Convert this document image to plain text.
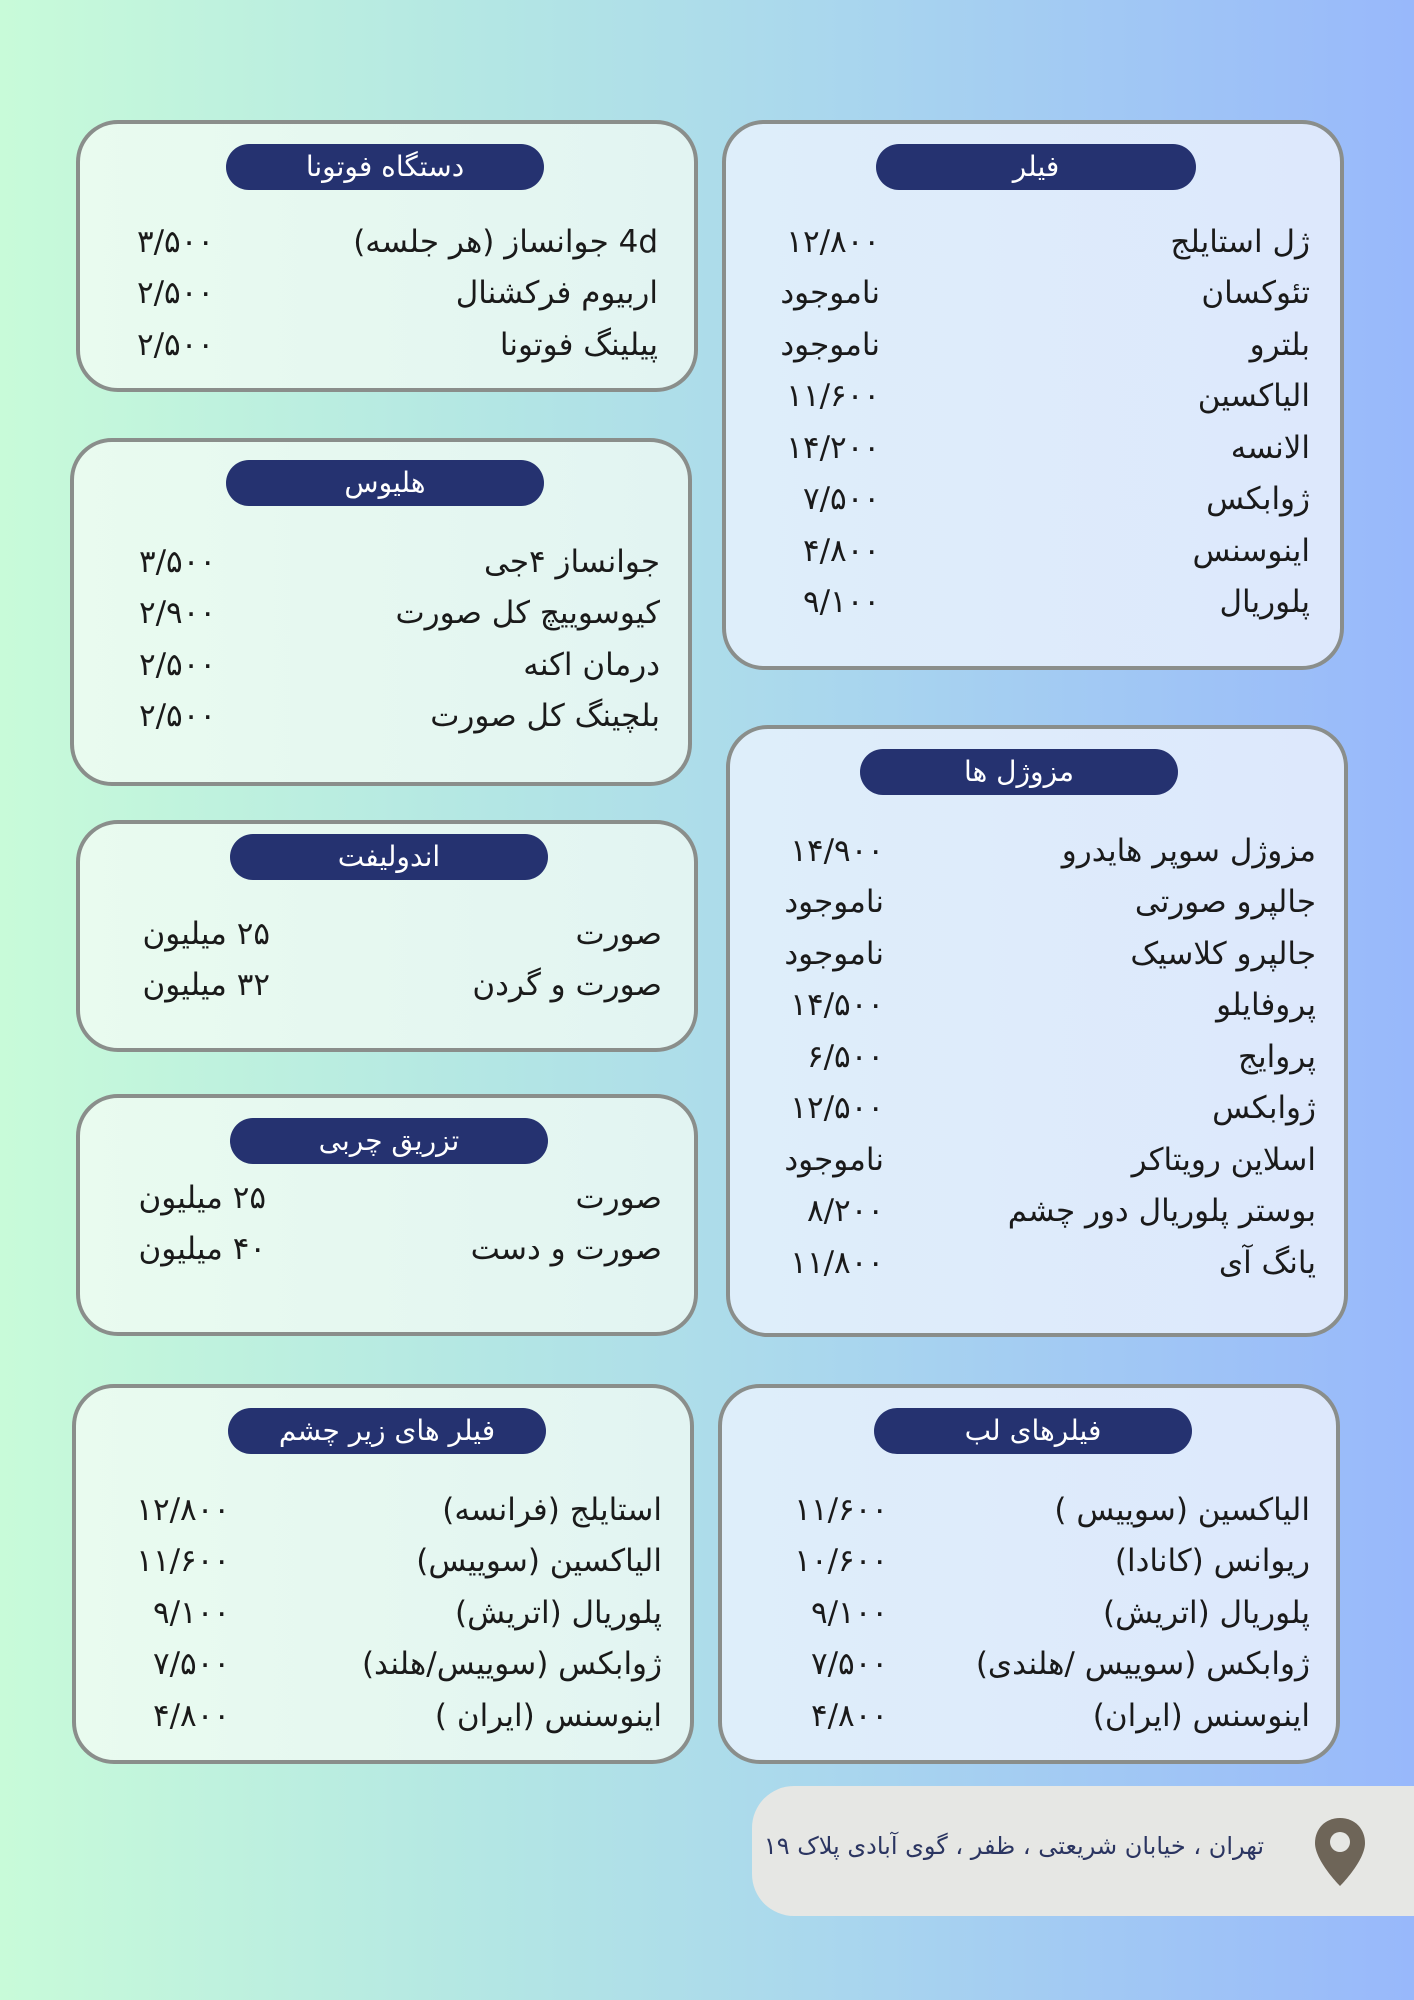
فیلر
ژل استایلج
۱۲/۸۰۰
تئوکسان
ناموجود
بلترو
ناموجود
الیاکسین
۱۱/۶۰۰
الانسه
۱۴/۲۰۰
ژوابکس
۷/۵۰۰
اینوسنس
۴/۸۰۰
پلوریال
۹/۱۰۰
دستگاه فوتونا
4d جوانساز (هر جلسه)
۳/۵۰۰
اربیوم فرکشنال
۲/۵۰۰
پیلینگ فوتونا
۲/۵۰۰
هلیوس
جوانساز ۴جی
۳/۵۰۰
کیوسوییچ کل صورت
۲/۹۰۰
درمان اکنه
۲/۵۰۰
بلچینگ کل صورت
۲/۵۰۰
مزوژل ها
مزوژل سوپر هایدرو
۱۴/۹۰۰
جالپرو صورتی
ناموجود
جالپرو کلاسیک
ناموجود
پروفایلو
۱۴/۵۰۰
پروایج
۶/۵۰۰
ژوابکس
۱۲/۵۰۰
اسلاین رویتاکر
ناموجود
بوستر پلوریال دور چشم
۸/۲۰۰
یانگ آی
۱۱/۸۰۰
اندولیفت
صورت
۲۵ میلیون
صورت و گردن
۳۲ میلیون
تزریق چربی
صورت
۲۵ میلیون
صورت و دست
۴۰ میلیون
فیلرهای لب
الیاکسین (سوییس )
۱۱/۶۰۰
ریوانس (کانادا)
۱۰/۶۰۰
پلوریال (اتریش)
۹/۱۰۰
ژوابکس (سوییس /هلندی)
۷/۵۰۰
اینوسنس (ایران)
۴/۸۰۰
فیلر های زیر چشم
استایلج (فرانسه)
۱۲/۸۰۰
الیاکسین (سوییس)
۱۱/۶۰۰
پلوریال (اتریش)
۹/۱۰۰
ژوابکس (سوییس/هلند)
۷/۵۰۰
اینوسنس (ایران )
۴/۸۰۰
تهران ، خیابان شریعتی ، ظفر ، گوی آبادی پلاک ۱۹
